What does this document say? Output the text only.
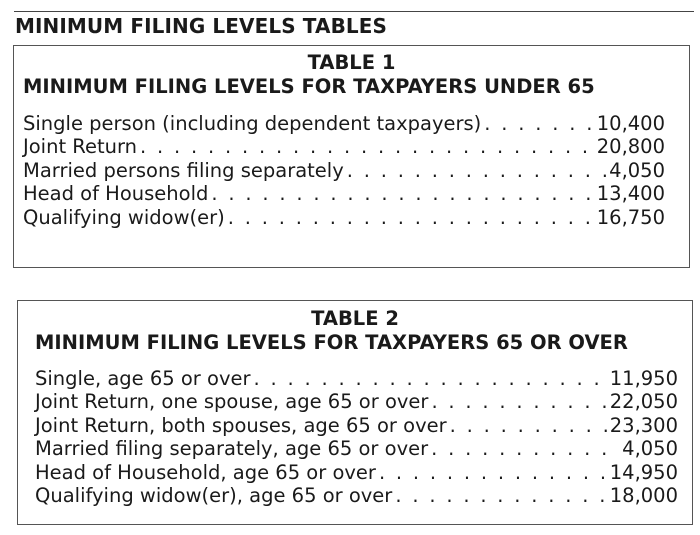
MINIMUM FILING LEVELS TABLES
TABLE 1
MINIMUM FILING LEVELS FOR TAXPAYERS UNDER 65
Single person (including dependent taxpayers) . . .	10,400
Joint Return . . .	20,800
Married persons filing separately . . .	4,050
Head of Household . . .	13,400
Qualifying widow(er) . . .	16,750
TABLE 2
MINIMUM FILING LEVELS FOR TAXPAYERS 65 OR OVER
Single, age 65 or over . . .	11,950
Joint Return, one spouse, age 65 or over . . .	22,050
Joint Return, both spouses, age 65 or over . . .	23,300
Married filing separately, age 65 or over . . .	4,050
Head of Household, age 65 or over . . .	14,950
Qualifying widow(er), age 65 or over . . .	18,000
